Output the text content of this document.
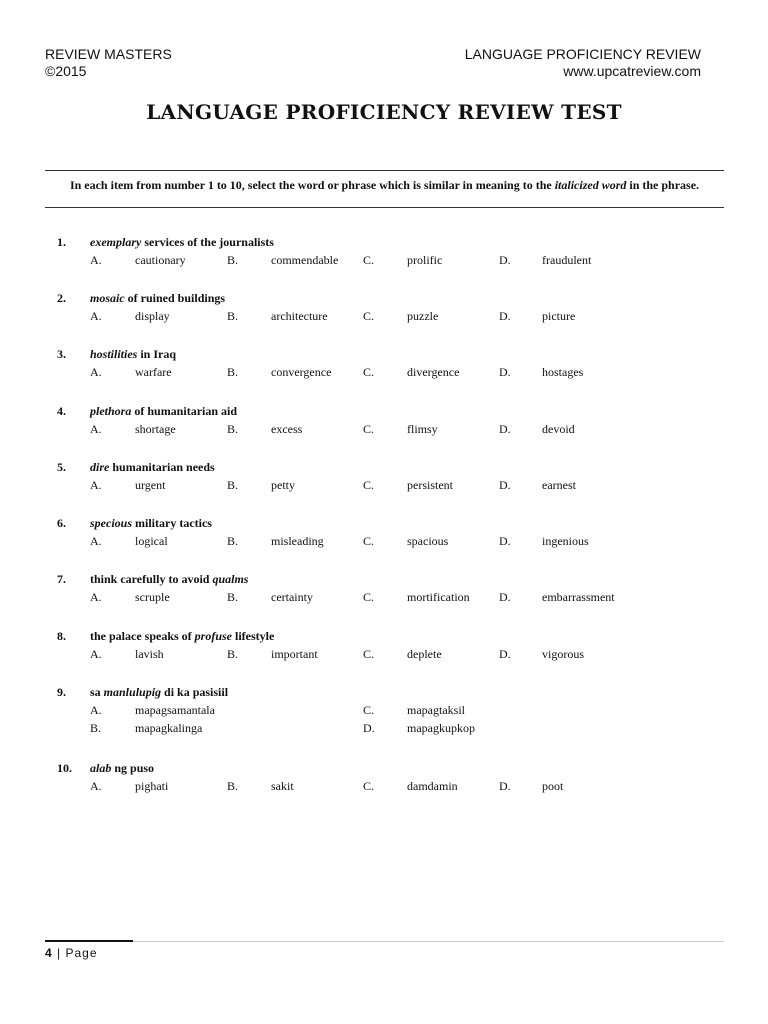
REVIEW MASTERS
©2015
LANGUAGE PROFICIENCY REVIEW
www.upcatreview.com
LANGUAGE PROFICIENCY REVIEW TEST
In each item from number 1 to 10, select the word or phrase which is similar in meaning to the italicized word in the phrase.
1. exemplary services of the journalists
A.	cautionary	B.	commendable C.	prolific	D.	fraudulent
2. mosaic of ruined buildings
A.	display	B.	architecture	C.	puzzle	D.	picture
3. hostilities in Iraq
A.	warfare	B.	convergence	C.	divergence	D.	hostages
4. plethora of humanitarian aid
A.	shortage	B.	excess	C.	flimsy	D.	devoid
5. dire humanitarian needs
A.	urgent	B.	petty	C.	persistent	D.	earnest
6. specious military tactics
A.	logical	B.	misleading	C.	spacious	D.	ingenious
7. think carefully to avoid qualms
A.	scruple	B.	certainty	C.	mortification D.	embarrassment
8. the palace speaks of profuse lifestyle
A.	lavish	B.	important	C.	deplete	D.	vigorous
9. sa manlulupig di ka pasisiil
A.	mapagsamantala	C.	mapagtaksil
B.	mapagkalinga	D.	mapagkupkop
10. alab ng puso
A.	pighati	B.	sakit	C.	damdamin	D.	poot
4 | Page
